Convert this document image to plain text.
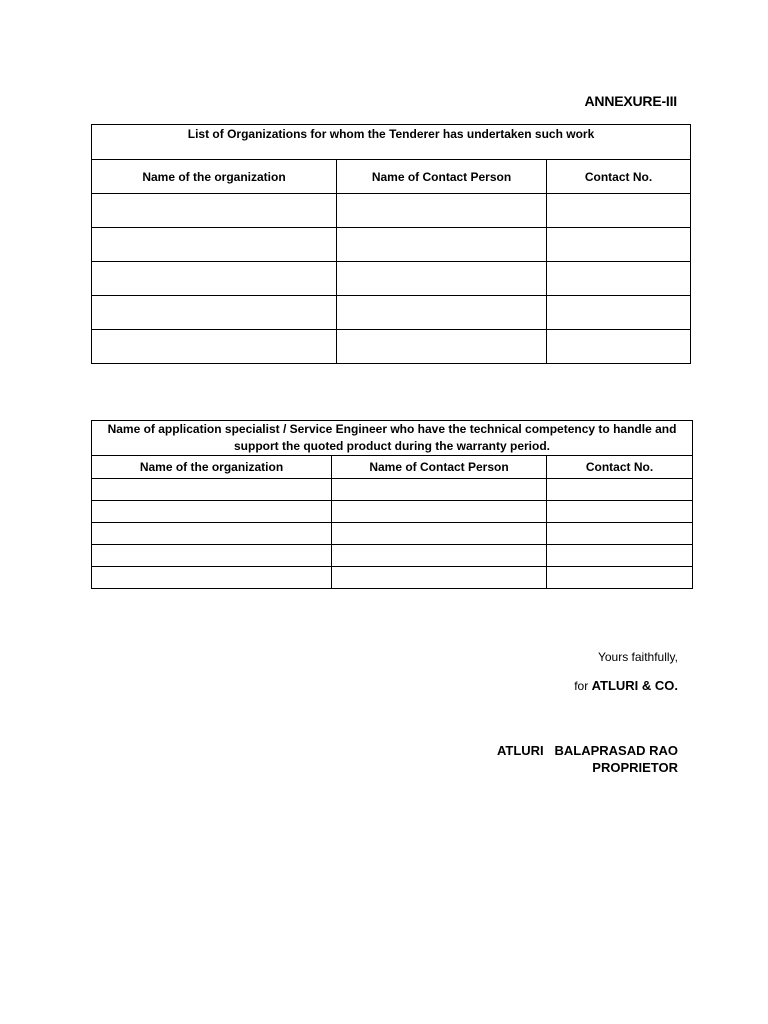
ANNEXURE-III
List of Organizations for whom the Tenderer has undertaken such work		
Name of the organization	Name of Contact Person	Contact No.

Name of application specialist / Service Engineer who have the technical competency to handle and support the quoted product during the warranty period.		
Name of the organization	Name of Contact Person	Contact No.

Yours faithfully,
for ATLURI & CO.
ATLURI   BALAPRASAD RAO
PROPRIETOR
